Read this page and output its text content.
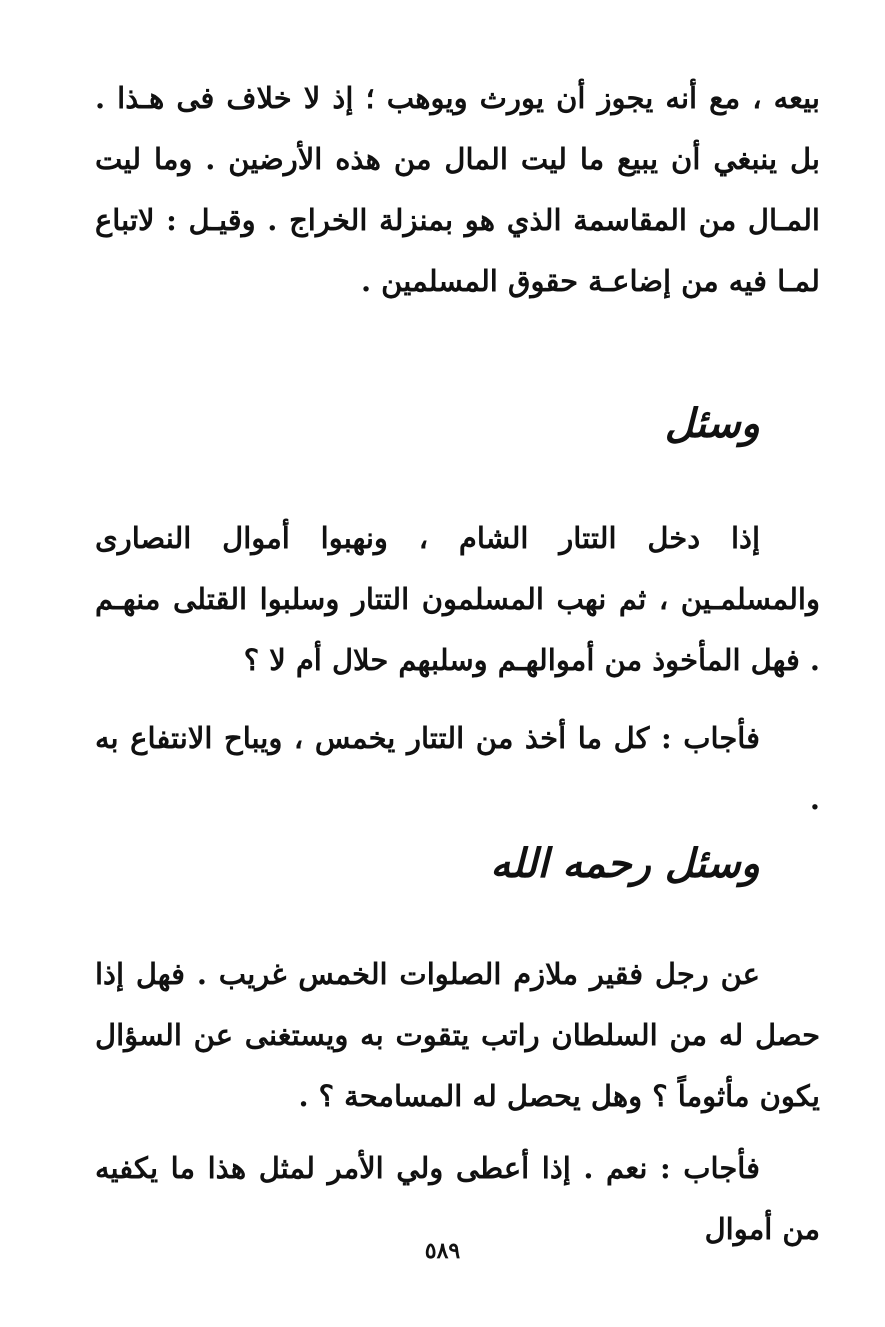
بيعه ، مع أنه يجوز أن يورث ويوهب ؛ إذ لا خلاف فى هـذا . بل ينبغي أن يبيع ما ليت المال من هذه الأرضين . وما ليت المـال من المقاسمة الذي هو بمنزلة الخراج . وقيـل : لاتباع لمـا فيه من إضاعـة حقوق المسلمين .

وسئل

إذا دخل التتار الشام ، ونهبوا أموال النصارى والمسلمـين ، ثم نهب المسلمون التتار وسلبوا القتلى منهـم . فهل المأخوذ من أموالهـم وسلبهم حلال أم لا ؟

فأجاب : كل ما أخذ من التتار يخمس ، ويباح الانتفاع به .

وسئل رحمه الله

عن رجل فقير ملازم الصلوات الخمس غريب . فهل إذا حصل له من السلطان راتب يتقوت به ويستغنى عن السؤال يكون مأثوماً ؟ وهل يحصل له المسامحة ؟ .

فأجاب : نعم . إذا أعطى ولي الأمر لمثل هذا ما يكفيه من أموال

٥٨٩
